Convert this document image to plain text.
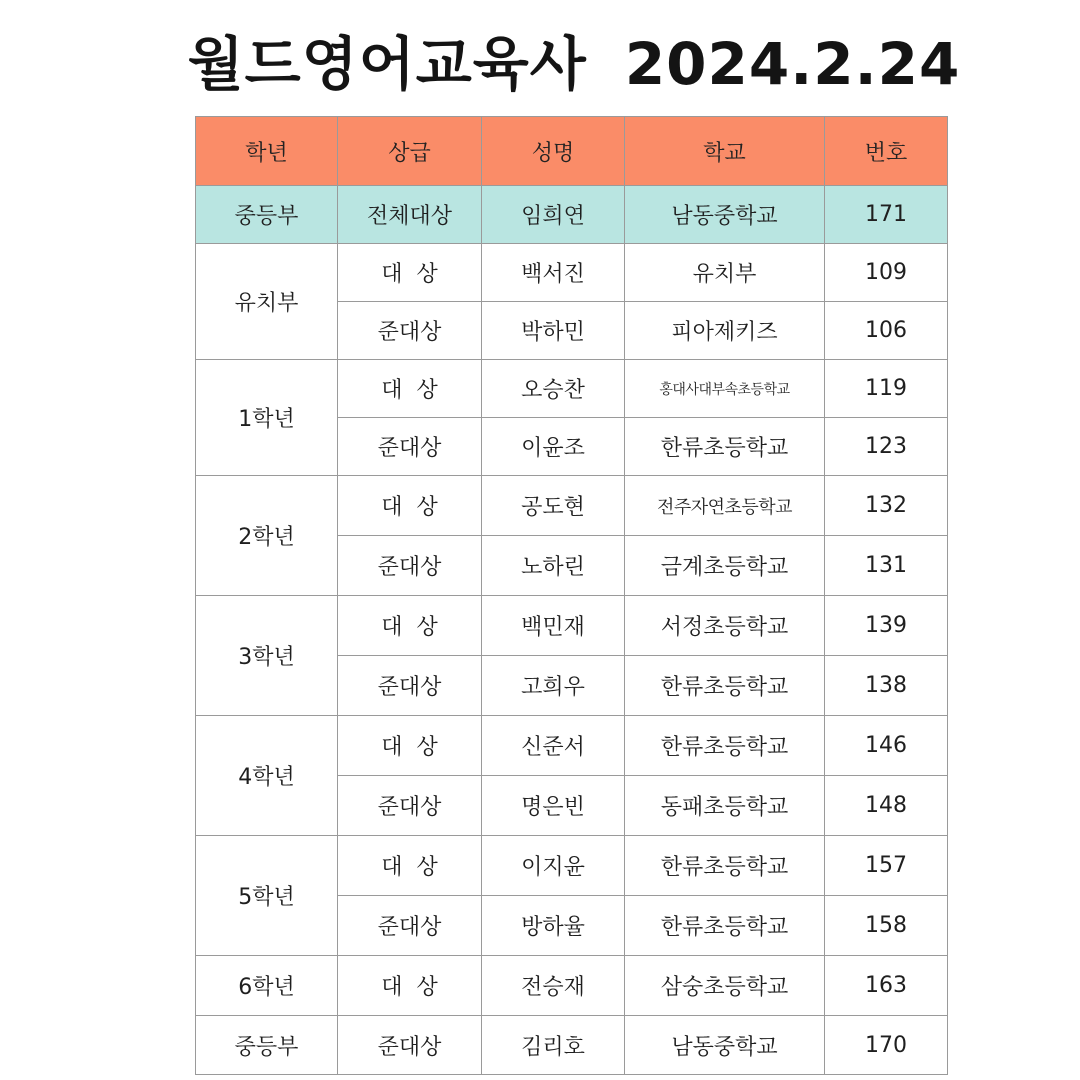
월드영어교육사 2024.2.24
학년	상급	성명	학교	번호
중등부	전체대상	임희연	남동중학교	171
유치부	대  상	백서진	유치부	109
	준대상	박하민	피아제키즈	106
1학년	대  상	오승찬	홍대사대부속초등학교	119
	준대상	이윤조	한류초등학교	123
2학년	대  상	공도현	전주자연초등학교	132
	준대상	노하린	금계초등학교	131
3학년	대  상	백민재	서정초등학교	139
	준대상	고희우	한류초등학교	138
4학년	대  상	신준서	한류초등학교	146
	준대상	명은빈	동패초등학교	148
5학년	대  상	이지윤	한류초등학교	157
	준대상	방하율	한류초등학교	158
6학년	대  상	전승재	삼숭초등학교	163
중등부	준대상	김리호	남동중학교	170
